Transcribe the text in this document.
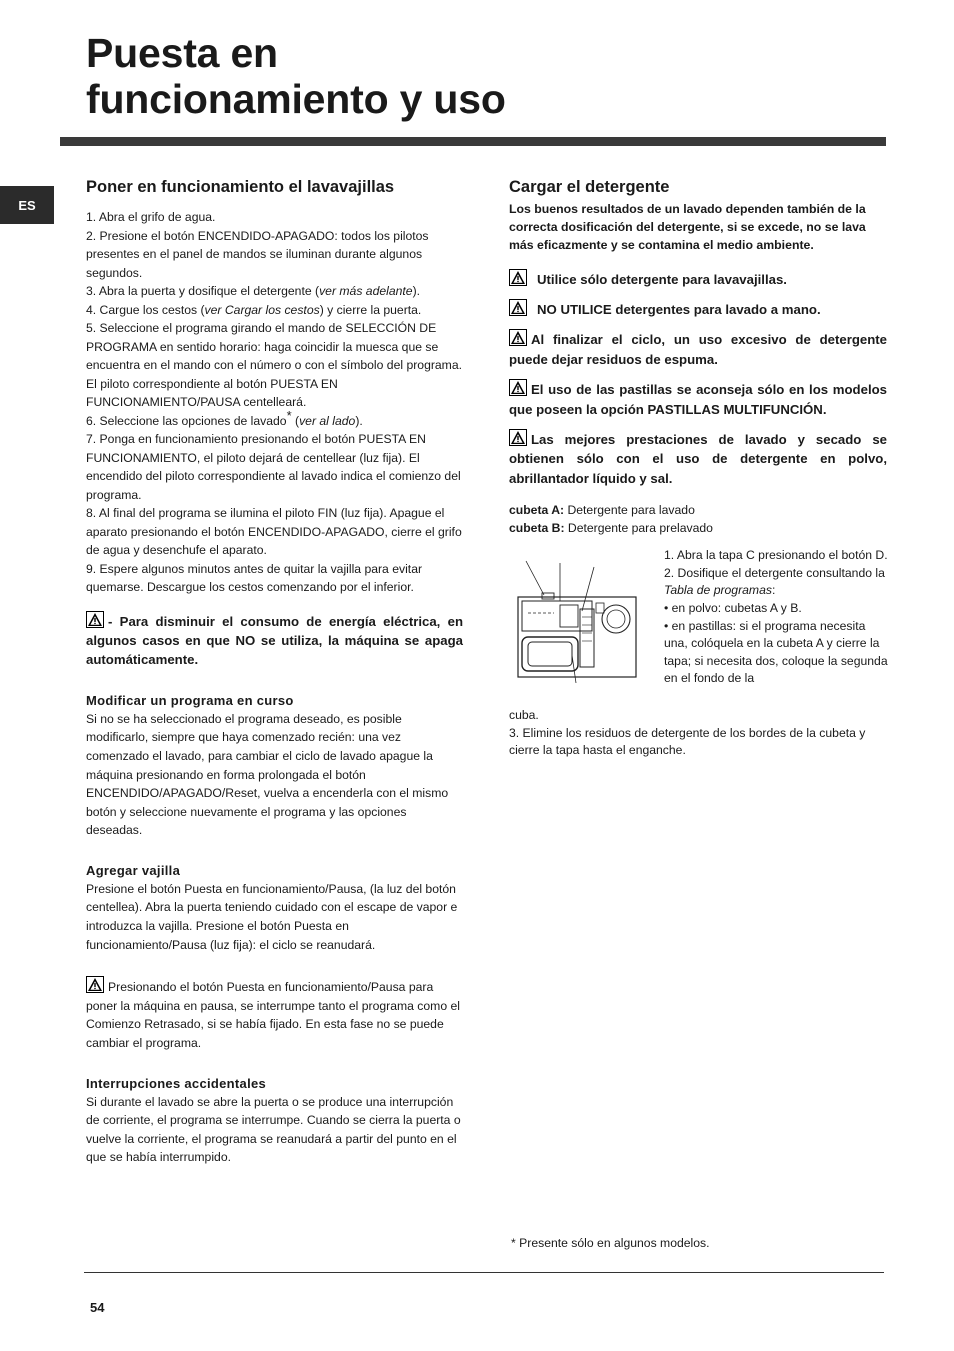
Puesta en
funcionamiento y uso
ES
Poner en funcionamiento el lavavajillas

1. Abra el grifo de agua.

2. Presione el botón ENCENDIDO-APAGADO: todos los pilotos presentes en el panel de mandos se iluminan durante algunos segundos.

3. Abra la puerta y dosifique el detergente (ver más adelante).

4. Cargue los cestos (ver Cargar los cestos) y cierre la puerta.

5. Seleccione el programa girando el mando de SELECCIÓN DE PROGRAMA en sentido horario: haga coincidir la muesca que se encuentra en el mando con el número o con el símbolo del programa. El piloto correspondiente al botón PUESTA EN FUNCIONAMIENTO/PAUSA centelleará.

6. Seleccione las opciones de lavado* (ver al lado).

7. Ponga en funcionamiento presionando el botón PUESTA EN FUNCIONAMIENTO, el piloto dejará de centellear (luz fija). El encendido del piloto correspondiente al lavado indica el comienzo del programa.

8. Al final del programa se ilumina el piloto FIN (luz fija). Apague el aparato presionando el botón ENCENDIDO-APAGADO, cierre el grifo de agua y desenchufe el aparato.

9. Espere algunos minutos antes de quitar la vajilla para evitar quemarse. Descargue los cestos comenzando por el inferior.

- Para disminuir el consumo de energía eléctrica, en algunos casos en que NO se utiliza, la máquina se apaga automáticamente.

Modificar un programa en curso

Si no se ha seleccionado el programa deseado, es posible modificarlo, siempre que haya comenzado recién: una vez comenzado el lavado, para cambiar el ciclo de lavado apague la máquina presionando en forma prolongada el botón ENCENDIDO/APAGADO/Reset, vuelva a encenderla con el mismo botón y seleccione nuevamente el programa y las opciones deseadas.

Agregar vajilla

Presione el botón Puesta en funcionamiento/Pausa, (la luz del botón centellea). Abra la puerta teniendo cuidado con el escape de vapor e introduzca la vajilla. Presione el botón Puesta en funcionamiento/Pausa (luz fija): el ciclo se reanudará.

Presionando el botón Puesta en funcionamiento/Pausa para poner la máquina en pausa, se interrumpe tanto el programa como el Comienzo Retrasado, si se había fijado. En esta fase no se puede cambiar el programa.

Interrupciones accidentales

Si durante el lavado se abre la puerta o se produce una interrupción de corriente, el programa se interrumpe. Cuando se cierra la puerta o vuelve la corriente, el programa se reanudará a partir del punto en el que se había interrumpido.

Cargar el detergente

Los buenos resultados de un lavado dependen también de la correcta dosificación del detergente, si se excede, no se lava más eficazmente y se contamina el medio ambiente.

Utilice sólo detergente para lavavajillas.

NO UTILICE detergentes para lavado a mano.

Al finalizar el ciclo, un uso excesivo de detergente puede dejar residuos de espuma.

El uso de las pastillas se aconseja sólo en los modelos que poseen la opción PASTILLAS MULTIFUNCIÓN.

Las mejores prestaciones de lavado y secado se obtienen sólo con el uso de detergente en polvo, abrillantador líquido y sal.

cubeta A: Detergente para lavado

cubeta B: Detergente para prelavado

1. Abra la tapa C presionando el botón D.

2. Dosifique el detergente consultando la Tabla de programas:

• en polvo: cubetas A y B.

• en pastillas: si el programa necesita una, colóquela en la cubeta A y cierre la tapa; si necesita dos, coloque la segunda en el fondo de la

cuba.

3. Elimine los residuos de detergente de los bordes de la cubeta y cierre la tapa hasta el enganche.

* Presente sólo en algunos modelos.
54
